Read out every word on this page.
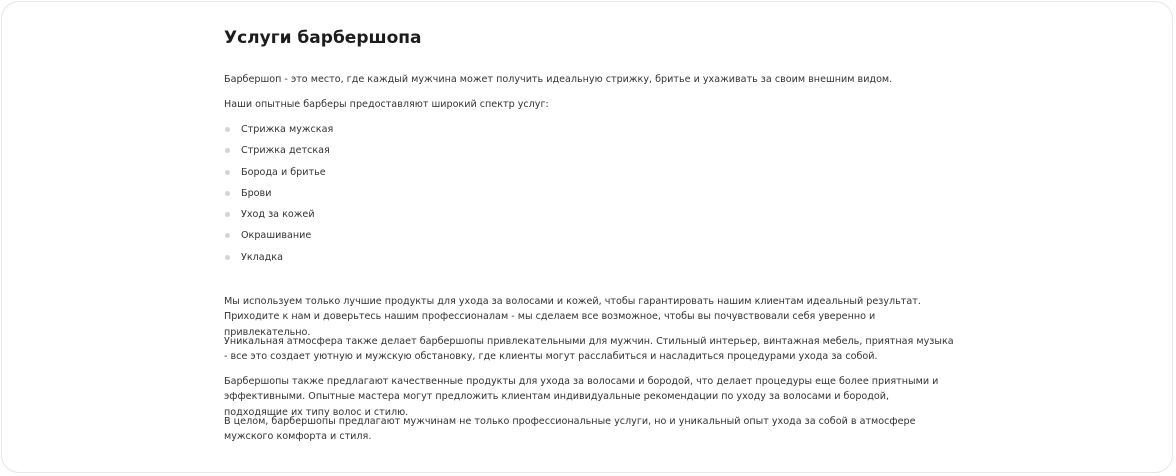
Услуги барбершопа

Барбершоп - это место, где каждый мужчина может получить идеальную стрижку, бритье и ухаживать за своим внешним видом.

Наши опытные барберы предоставляют широкий спектр услуг:

Стрижка мужская
Стрижка детская
Борода и бритье
Брови
Уход за кожей
Окрашивание
Укладка

Мы используем только лучшие продукты для ухода за волосами и кожей, чтобы гарантировать нашим клиентам идеальный результат. Приходите к нам и доверьтесь нашим профессионалам - мы сделаем все возможное, чтобы вы почувствовали себя уверенно и привлекательно.

Уникальная атмосфера также делает барбершопы привлекательными для мужчин. Стильный интерьер, винтажная мебель, приятная музыка - все это создает уютную и мужскую обстановку, где клиенты могут расслабиться и насладиться процедурами ухода за собой.

Барбершопы также предлагают качественные продукты для ухода за волосами и бородой, что делает процедуры еще более приятными и эффективными. Опытные мастера могут предложить клиентам индивидуальные рекомендации по уходу за волосами и бородой, подходящие их типу волос и стилю.

В целом, барбершопы предлагают мужчинам не только профессиональные услуги, но и уникальный опыт ухода за собой в атмосфере мужского комфорта и стиля.
